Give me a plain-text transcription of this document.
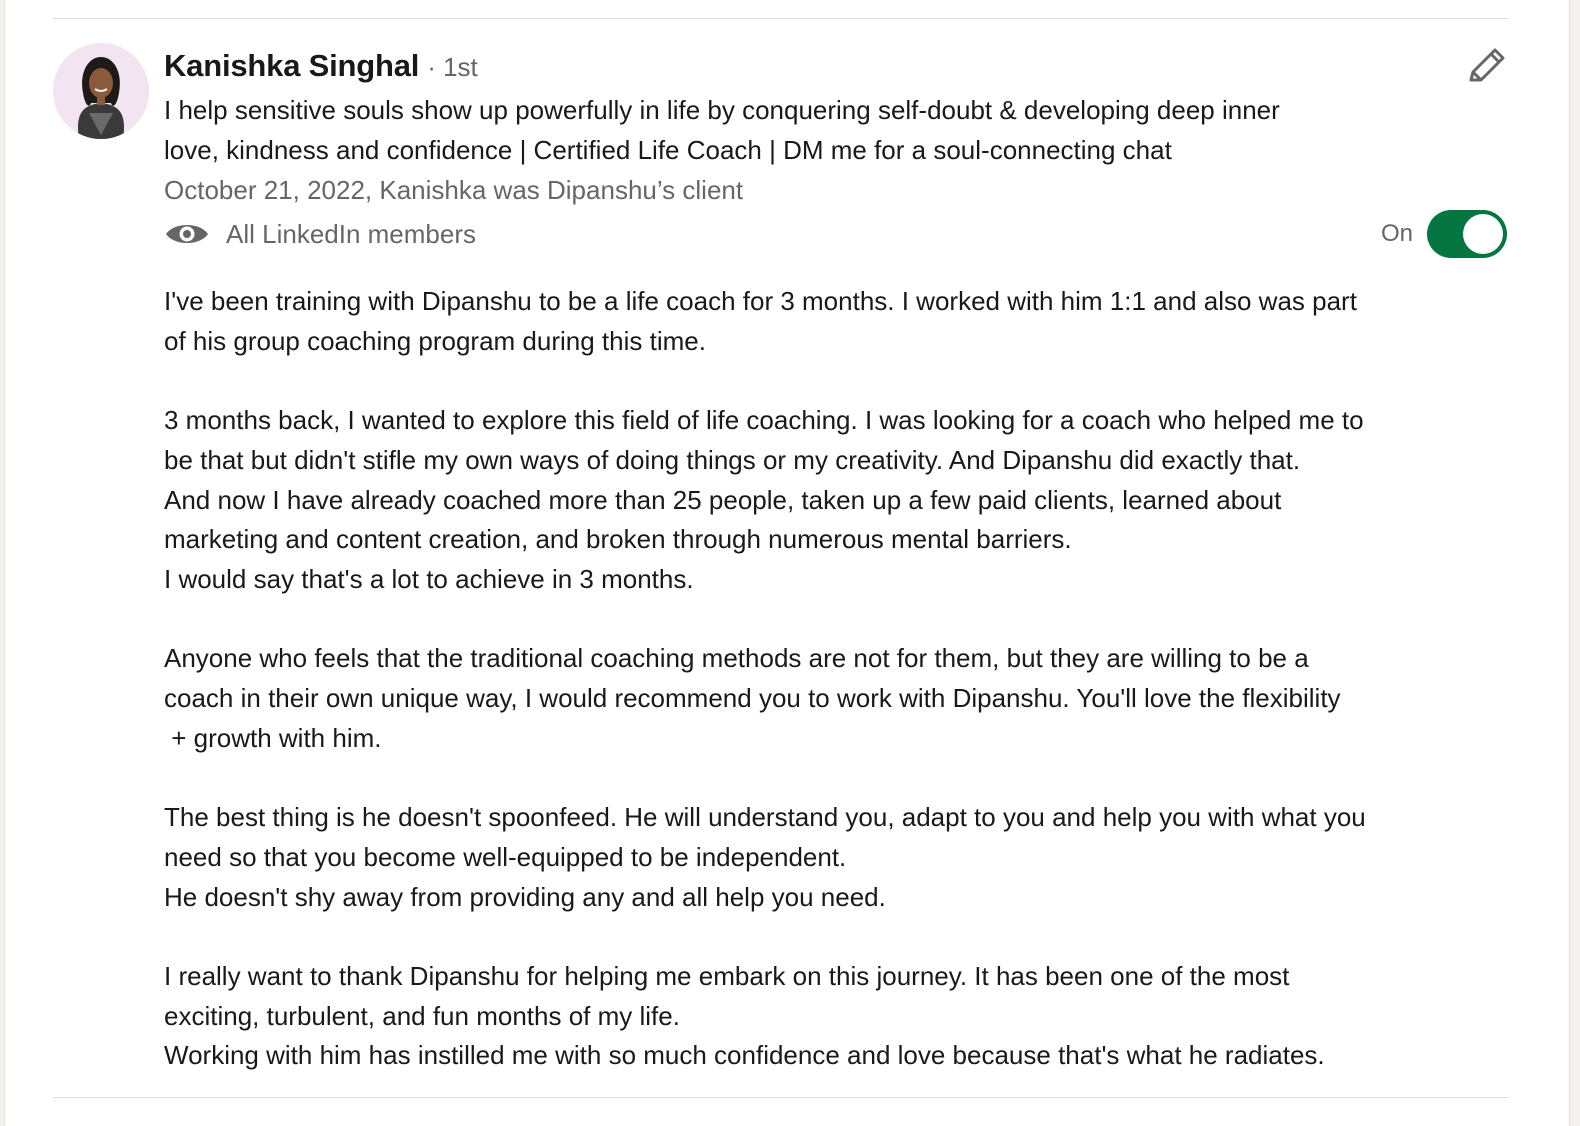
Kanishka Singhal · 1st
I help sensitive souls show up powerfully in life by conquering self-doubt & developing deep inner
love, kindness and confidence | Certified Life Coach | DM me for a soul-connecting chat
October 21, 2022, Kanishka was Dipanshu’s client
All LinkedIn members	On
I've been training with Dipanshu to be a life coach for 3 months. I worked with him 1:1 and also was part
of his group coaching program during this time.
3 months back, I wanted to explore this field of life coaching. I was looking for a coach who helped me to
be that but didn't stifle my own ways of doing things or my creativity. And Dipanshu did exactly that.
And now I have already coached more than 25 people, taken up a few paid clients, learned about
marketing and content creation, and broken through numerous mental barriers.
I would say that's a lot to achieve in 3 months.
Anyone who feels that the traditional coaching methods are not for them, but they are willing to be a
coach in their own unique way, I would recommend you to work with Dipanshu. You'll love the flexibility
+ growth with him.
The best thing is he doesn't spoonfeed. He will understand you, adapt to you and help you with what you
need so that you become well-equipped to be independent.
He doesn't shy away from providing any and all help you need.
I really want to thank Dipanshu for helping me embark on this journey. It has been one of the most
exciting, turbulent, and fun months of my life.
Working with him has instilled me with so much confidence and love because that's what he radiates.
